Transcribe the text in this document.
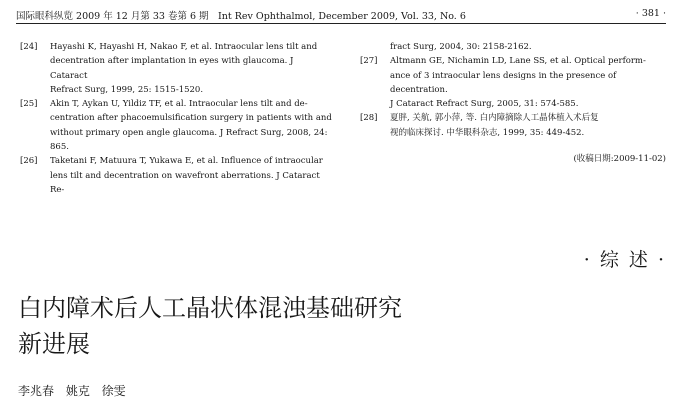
国际眼科纵览 2009 年 12 月第 33 卷第 6 期　Int Rev Ophthalmol, December 2009, Vol. 33, No. 6	· 381 ·
[24] Hayashi K, Hayashi H, Nakao F, et al. Intraocular lens tilt and
decentration after implantation in eyes with glaucoma. J Cataract
Refract Surg, 1999, 25: 1515-1520.
[25] Akin T, Aykan U, Yildiz TF, et al. Intraocular lens tilt and de-
centration after phacoemulsification surgery in patients with and
without primary open angle glaucoma. J Refract Surg, 2008, 24:
865.
[26] Taketani F, Matuura T, Yukawa E, et al. Influence of intraocular
lens tilt and decentration on wavefront aberrations. J Cataract Re-
fract Surg, 2004, 30: 2158-2162.
[27] Altmann GE, Nichamin LD, Lane SS, et al. Optical perform-
ance of 3 intraocular lens designs in the presence of decentration.
J Cataract Refract Surg, 2005, 31: 574-585.
[28] 夏胖, 关航, 郭小萍, 等. 白内障摘除人工晶体植入术后复
视的临床探讨. 中华眼科杂志, 1999, 35: 449-452.
(收稿日期:2009-11-02)
· 综 述 ·
白内障术后人工晶状体混浊基础研究
新进展
李兆春 姚克 徐雯
